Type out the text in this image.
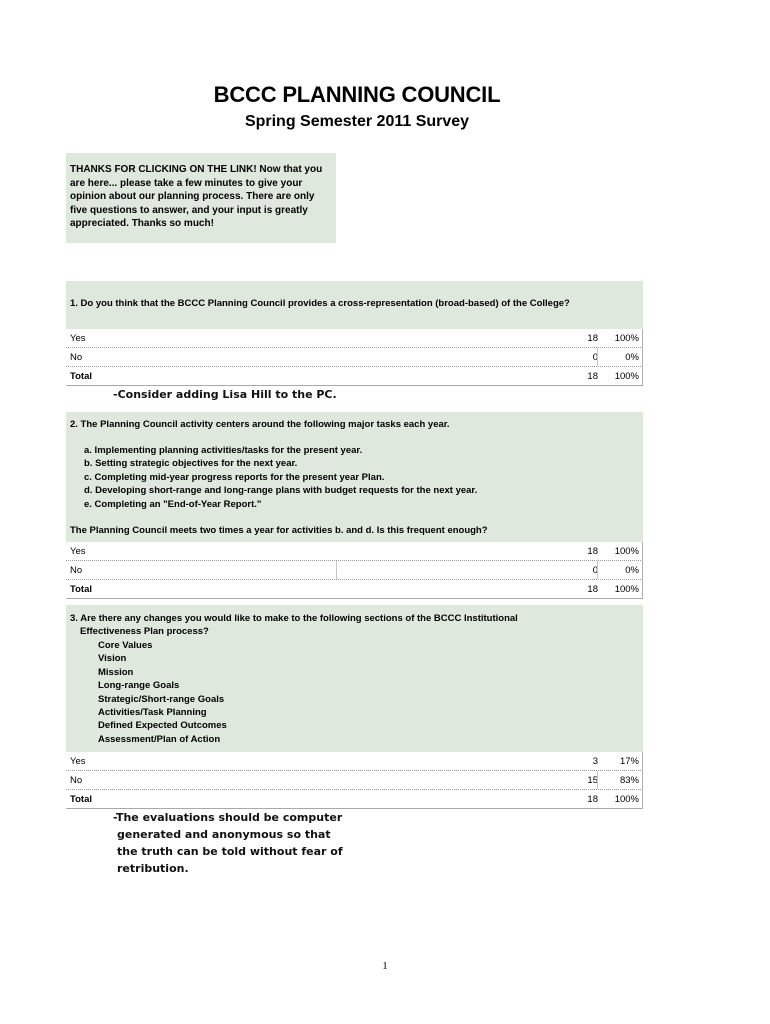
BCCC PLANNING COUNCIL
Spring Semester 2011 Survey
THANKS FOR CLICKING ON THE LINK! Now that you
are here... please take a few minutes to give your
opinion about our planning process. There are only
five questions to answer, and your input is greatly
appreciated. Thanks so much!
1. Do you think that the BCCC Planning Council provides a cross-representation (broad-based) of the College?
Yes	18	100%
No	0	0%
Total	18	100%
-Consider adding Lisa Hill to the PC.
2. The Planning Council activity centers around the following major tasks each year.
a. Implementing planning activities/tasks for the present year.
b. Setting strategic objectives for the next year.
c. Completing mid-year progress reports for the present year Plan.
d. Developing short-range and long-range plans with budget requests for the next year.
e. Completing an "End-of-Year Report."
The Planning Council meets two times a year for activities b. and d. Is this frequent enough?
Yes	18	100%
No	0	0%
Total	18	100%
3. Are there any changes you would like to make to the following sections of the BCCC Institutional
Effectiveness Plan process?
Core Values
Vision
Mission
Long-range Goals
Strategic/Short-range Goals
Activities/Task Planning
Defined Expected Outcomes
Assessment/Plan of Action
Yes	3	17%
No	15	83%
Total	18	100%
-The evaluations should be computer
generated and anonymous so that
the truth can be told without fear of
retribution.
1
